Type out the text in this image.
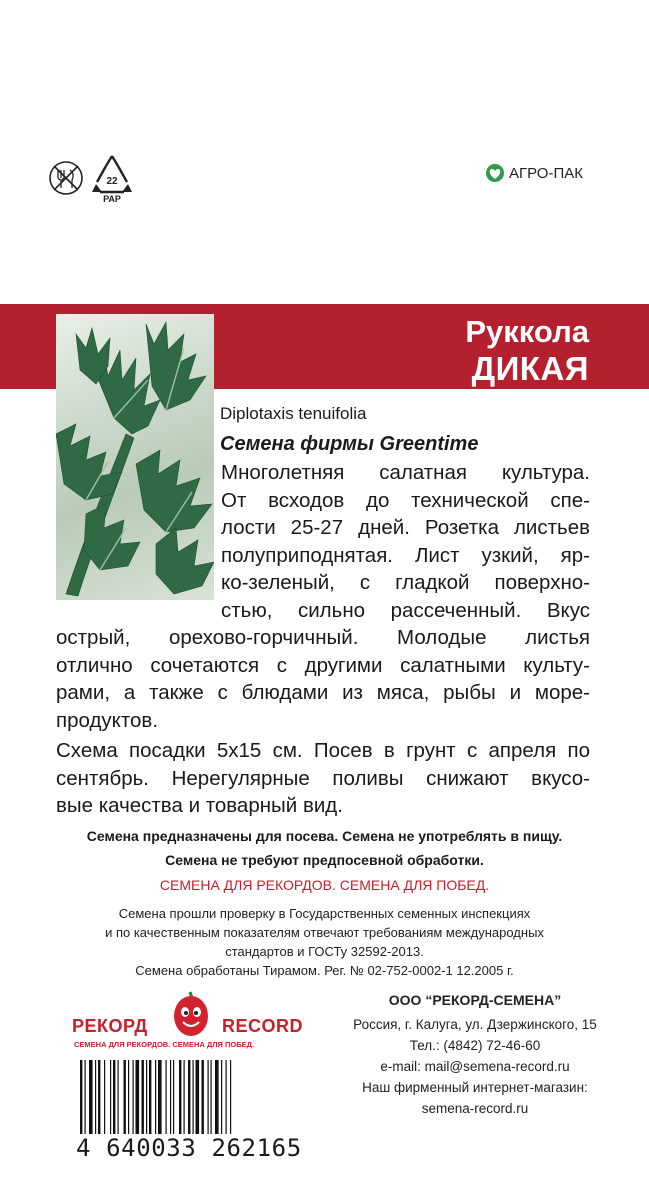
22
PAP
АГРО-ПАК
Руккола
ДИКАЯ
Diplotaxis tenuifolia
Семена фирмы Greentime
Многолетняя салатная культура.
От всходов до технической спе-
лости 25-27 дней. Розетка листьев
полуприподнятая. Лист узкий, яр-
ко-зеленый, с гладкой поверхно-
стью, сильно рассеченный. Вкус
острый, орехово-горчичный. Молодые листья
отлично сочетаются с другими салатными культу-
рами, а также с блюдами из мяса, рыбы и море-
продуктов.
Схема посадки 5х15 см. Посев в грунт с апреля по
сентябрь. Нерегулярные поливы снижают вкусо-
вые качества и товарный вид.
Семена предназначены для посева. Семена не употреблять в пищу.
Семена не требуют предпосевной обработки.
СЕМЕНА ДЛЯ РЕКОРДОВ. СЕМЕНА ДЛЯ ПОБЕД.
Семена прошли проверку в Государственных семенных инспекциях
и по качественным показателям отвечают требованиям международных
стандартов и ГОСТу 32592-2013.
Семена обработаны Тирамом. Рег. № 02-752-0002-1 12.2005 г.
РЕКОРД	RECORD
СЕМЕНА ДЛЯ РЕКОРДОВ. СЕМЕНА ДЛЯ ПОБЕД.
ООО “РЕКОРД-СЕМЕНА”
Россия, г. Калуга, ул. Дзержинского, 15
Тел.: (4842) 72-46-60
e-mail: mail@semena-record.ru
Наш фирменный интернет-магазин:
semena-record.ru
4 640033 262165
